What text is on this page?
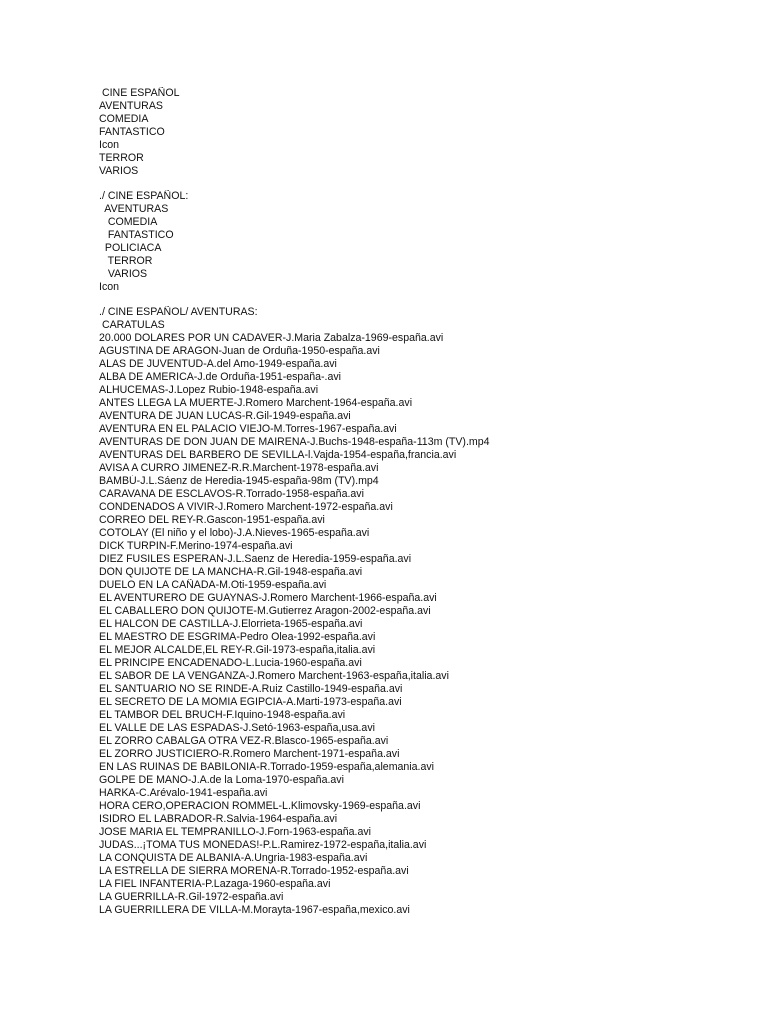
CINE ESPAÑOL
AVENTURAS
COMEDIA
FANTASTICO
Icon
TERROR
VARIOS
./ CINE ESPAÑOL:
AVENTURAS
COMEDIA
FANTASTICO
POLICIACA
TERROR
VARIOS
Icon
./ CINE ESPAÑOL/ AVENTURAS:
CARATULAS
20.000 DOLARES POR UN CADAVER-J.Maria Zabalza-1969-españa.avi
AGUSTINA DE ARAGON-Juan de Orduña-1950-españa.avi
ALAS DE JUVENTUD-A.del Amo-1949-españa.avi
ALBA DE AMERICA-J.de Orduña-1951-españa-.avi
ALHUCEMAS-J.Lopez Rubio-1948-españa.avi
ANTES LLEGA LA MUERTE-J.Romero Marchent-1964-españa.avi
AVENTURA DE JUAN LUCAS-R.Gil-1949-españa.avi
AVENTURA EN EL PALACIO VIEJO-M.Torres-1967-españa.avi
AVENTURAS DE DON JUAN DE MAIRENA-J.Buchs-1948-españa-113m (TV).mp4
AVENTURAS DEL BARBERO DE SEVILLA-l.Vajda-1954-españa,francia.avi
AVISA A CURRO JIMENEZ-R.R.Marchent-1978-españa.avi
BAMBÚ-J.L.Sáenz de Heredia-1945-españa-98m (TV).mp4
CARAVANA DE ESCLAVOS-R.Torrado-1958-españa.avi
CONDENADOS A VIVIR-J.Romero Marchent-1972-españa.avi
CORREO DEL REY-R.Gascon-1951-españa.avi
COTOLAY (El niño y el lobo)-J.A.Nieves-1965-españa.avi
DICK TURPIN-F.Merino-1974-españa.avi
DIEZ FUSILES ESPERAN-J.L.Saenz de Heredia-1959-españa.avi
DON QUIJOTE DE LA MANCHA-R.Gil-1948-españa.avi
DUELO EN LA CAÑADA-M.Oti-1959-españa.avi
EL AVENTURERO DE GUAYNAS-J.Romero Marchent-1966-españa.avi
EL CABALLERO DON QUIJOTE-M.Gutierrez Aragon-2002-españa.avi
EL HALCON DE CASTILLA-J.Elorrieta-1965-españa.avi
EL MAESTRO DE ESGRIMA-Pedro Olea-1992-españa.avi
EL MEJOR ALCALDE,EL REY-R.Gil-1973-españa,italia.avi
EL PRINCIPE ENCADENADO-L.Lucia-1960-españa.avi
EL SABOR DE LA VENGANZA-J.Romero Marchent-1963-españa,italia.avi
EL SANTUARIO NO SE RINDE-A.Ruiz Castillo-1949-españa.avi
EL SECRETO DE LA MOMIA EGIPCIA-A.Marti-1973-españa.avi
EL TAMBOR DEL BRUCH-F.Iquino-1948-españa.avi
EL VALLE DE LAS ESPADAS-J.Setó-1963-españa,usa.avi
EL ZORRO CABALGA OTRA VEZ-R.Blasco-1965-españa.avi
EL ZORRO JUSTICIERO-R.Romero Marchent-1971-españa.avi
EN LAS RUINAS DE BABILONIA-R.Torrado-1959-españa,alemania.avi
GOLPE DE MANO-J.A.de la Loma-1970-españa.avi
HARKA-C.Arévalo-1941-españa.avi
HORA CERO,OPERACION ROMMEL-L.Klimovsky-1969-españa.avi
ISIDRO EL LABRADOR-R.Salvia-1964-españa.avi
JOSE MARIA EL TEMPRANILLO-J.Forn-1963-españa.avi
JUDAS...¡TOMA TUS MONEDAS!-P.L.Ramirez-1972-españa,italia.avi
LA CONQUISTA DE ALBANIA-A.Ungria-1983-españa.avi
LA ESTRELLA DE SIERRA MORENA-R.Torrado-1952-españa.avi
LA FIEL INFANTERIA-P.Lazaga-1960-españa.avi
LA GUERRILLA-R.Gil-1972-españa.avi
LA GUERRILLERA DE VILLA-M.Morayta-1967-españa,mexico.avi
